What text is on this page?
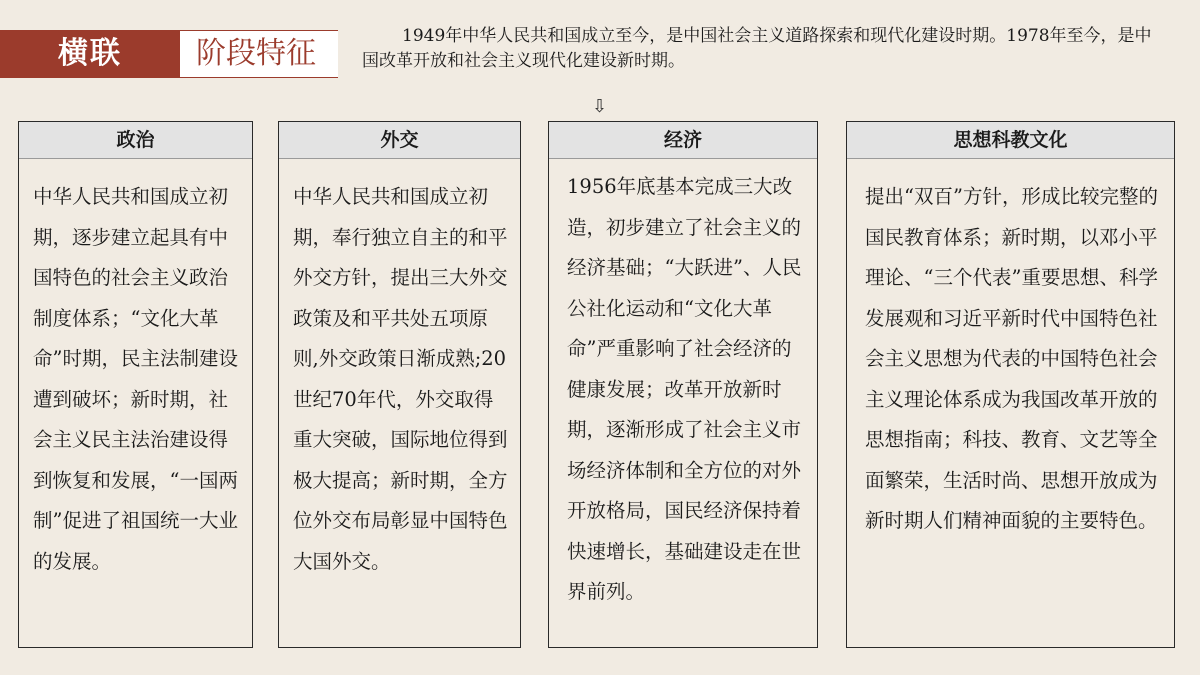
横联	阶段特征	1949年中华人民共和国成立至今，是中国社会主义道路探索和现代化建设时期。1978年至今，是中国改革开放和社会主义现代化建设新时期。
⇩
政治
中华人民共和国成立初期，逐步建立起具有中国特色的社会主义政治制度体系；“文化大革命”时期，民主法制建设遭到破坏；新时期，社会主义民主法治建设得到恢复和发展，“一国两制”促进了祖国统一大业的发展。
外交
中华人民共和国成立初期，奉行独立自主的和平外交方针，提出三大外交政策及和平共处五项原则,外交政策日渐成熟;20世纪70年代，外交取得重大突破，国际地位得到极大提高；新时期，全方位外交布局彰显中国特色大国外交。
经济
1956年底基本完成三大改造，初步建立了社会主义的经济基础；“大跃进”、人民公社化运动和“文化大革命”严重影响了社会经济的健康发展；改革开放新时期，逐渐形成了社会主义市场经济体制和全方位的对外开放格局，国民经济保持着快速增长，基础建设走在世界前列。
思想科教文化
提出“双百”方针，形成比较完整的国民教育体系；新时期，以邓小平理论、“三个代表”重要思想、科学发展观和习近平新时代中国特色社会主义思想为代表的中国特色社会主义理论体系成为我国改革开放的思想指南；科技、教育、文艺等全面繁荣，生活时尚、思想开放成为新时期人们精神面貌的主要特色。
